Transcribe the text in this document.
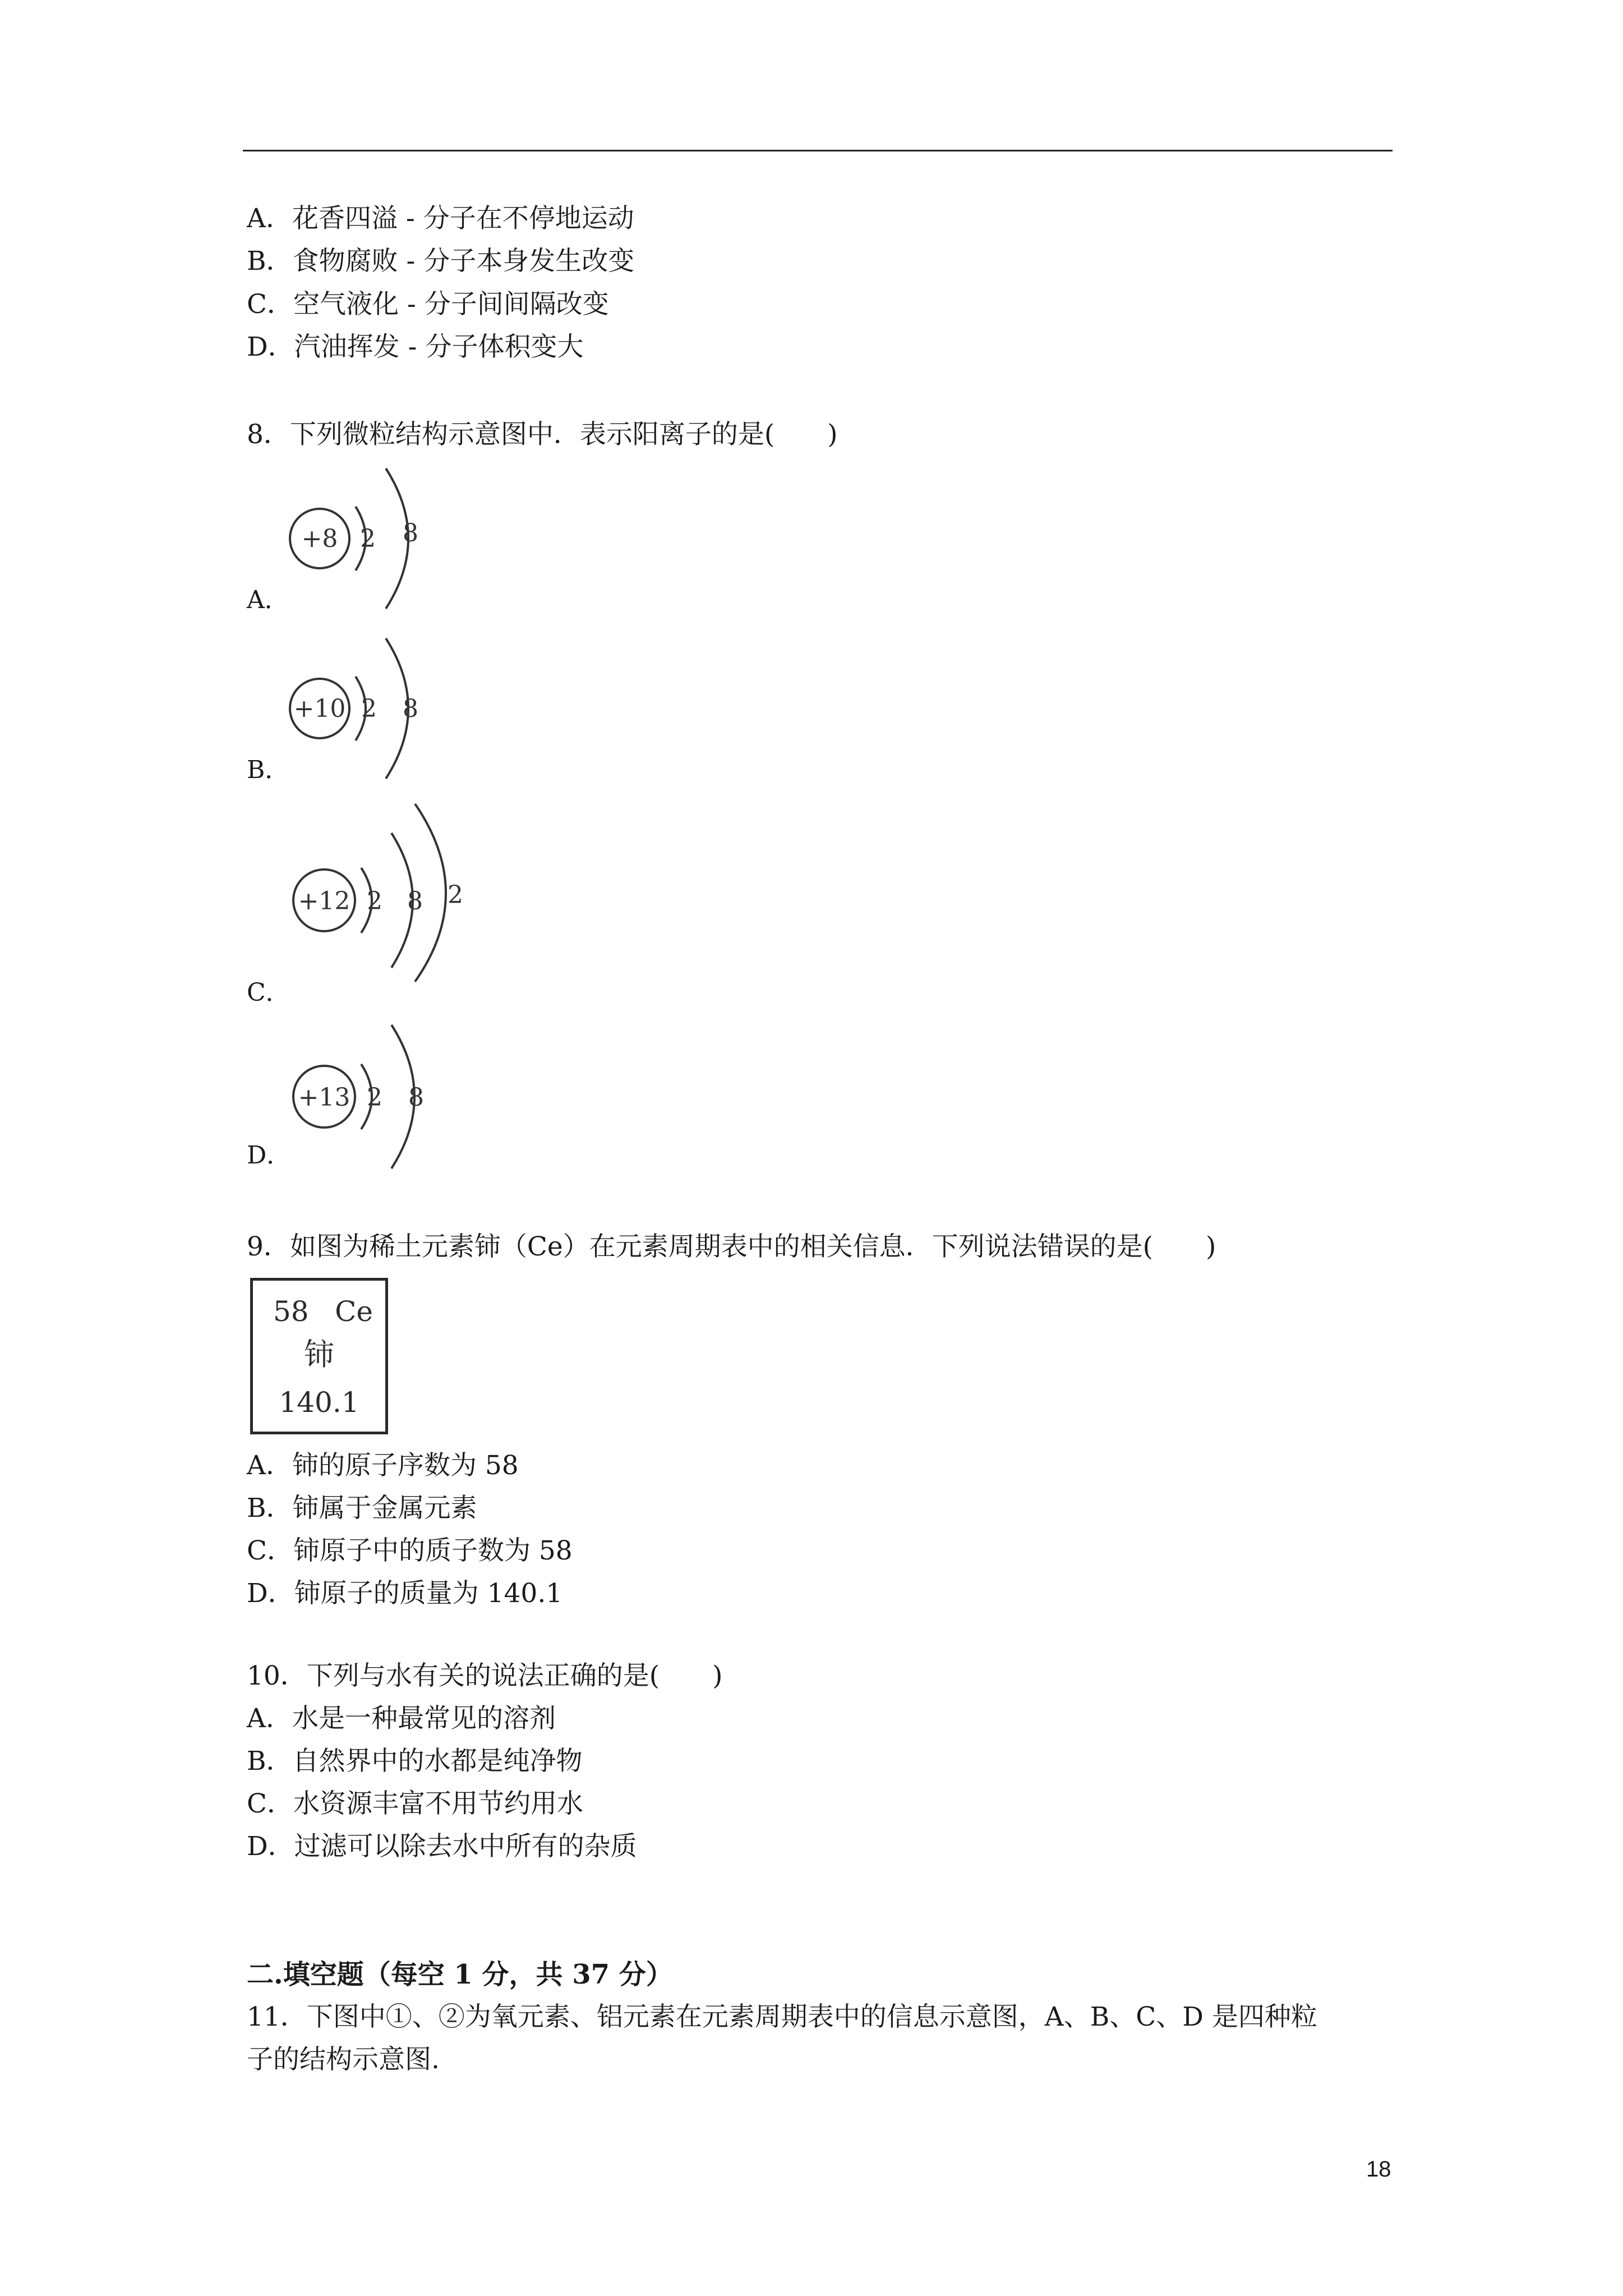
A．花香四溢 - 分子在不停地运动
B．食物腐败 - 分子本身发生改变
C．空气液化 - 分子间间隔改变
D．汽油挥发 - 分子体积变大
8．下列微粒结构示意图中．表示阳离子的是(　　)
A．
+8 2 8
B．
+10 2 8
C．
+12 2 8 2
D．
+13 2 8
9．如图为稀土元素铈（Ce）在元素周期表中的相关信息．下列说法错误的是(　　)
58 Ce
铈
140.1
A．铈的原子序数为 58
B．铈属于金属元素
C．铈原子中的质子数为 58
D．铈原子的质量为 140.1
10．下列与水有关的说法正确的是(　　)
A．水是一种最常见的溶剂
B．自然界中的水都是纯净物
C．水资源丰富不用节约用水
D．过滤可以除去水中所有的杂质
二.填空题（每空 1 分，共 37 分）
11．下图中①、②为氧元素、铝元素在元素周期表中的信息示意图，A、B、C、D 是四种粒
子的结构示意图.
18
